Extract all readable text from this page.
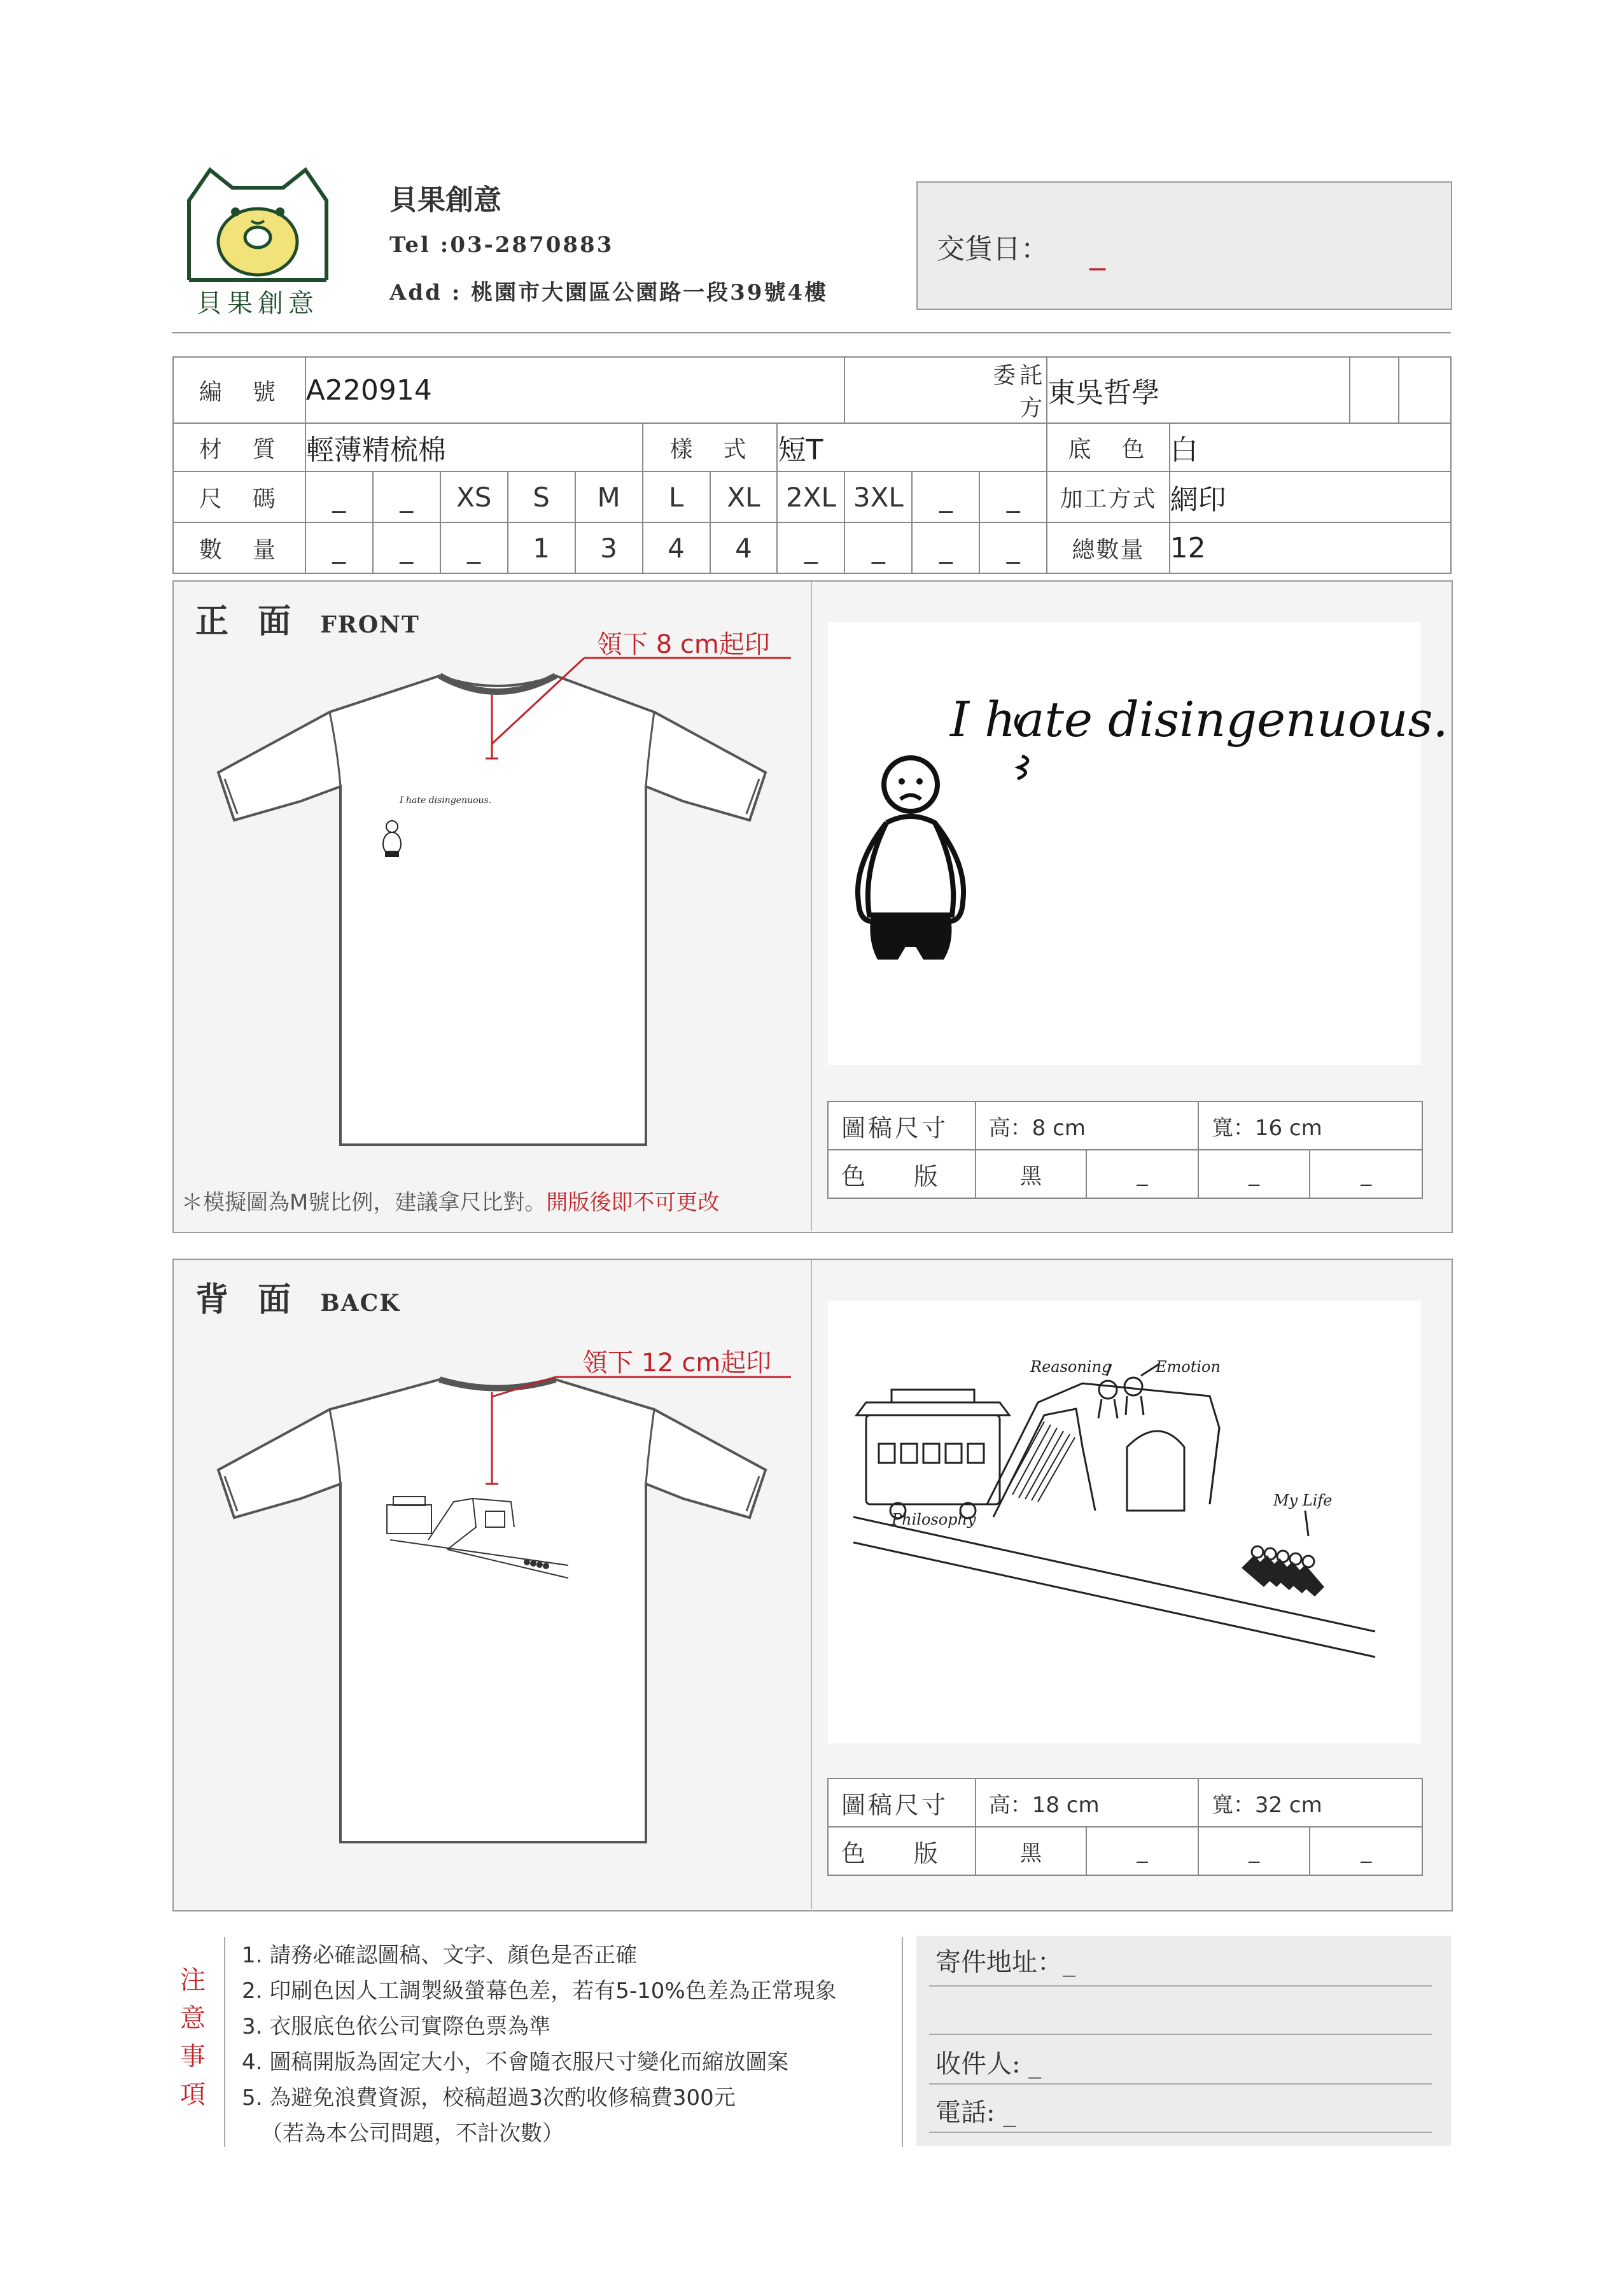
貝果創意
貝果創意
Tel :03-2870883
Add : 桃園市大園區公園路一段39號4樓
交貨日： _
編　號	A220914										委託方	東吳哲學			
材　質	輕薄精梳棉					樣　式		短T				底　色	白		
尺　碼	_	_	XS	S	M	L	XL	2XL	3XL	_	_	加工方式	網印		
數　量	_	_	_	1	3	4	4	_	_	_	_	總數量	12		
正 面 FRONT
I hate disingenuous.
領下 8 cm起印
＊模擬圖為M號比例，建議拿尺比對。開版後即不可更改
I hate disingenuous.
圖稿尺寸	高：8 cm		寬：16 cm	
色　　版	黑	_	_	_
背 面 BACK
領下 12 cm起印	Reasoning	Emotion
My Life
Philosophy
圖稿尺寸	高：18 cm		寬：32 cm	
色　　版	黑	_	_	_
注
意
事
項
1. 請務必確認圖稿、文字、顏色是否正確
2. 印刷色因人工調製級螢幕色差，若有5-10%色差為正常現象
3. 衣服底色依公司實際色票為準
4. 圖稿開版為固定大小，不會隨衣服尺寸變化而縮放圖案
5. 為避免浪費資源，校稿超過3次酌收修稿費300元
（若為本公司問題，不計次數）
寄件地址：_
收件人: _
電話: _
